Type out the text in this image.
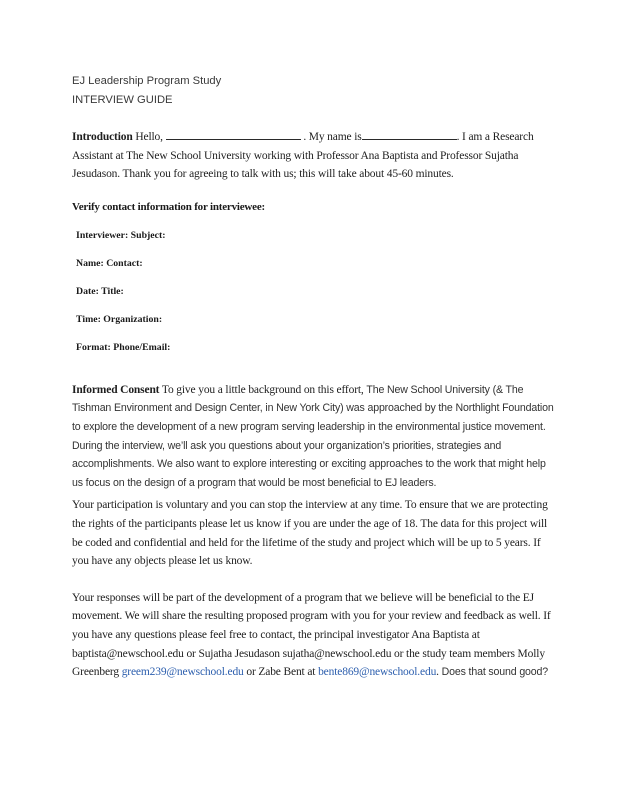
EJ Leadership Program Study
INTERVIEW GUIDE

Introduction Hello,	. My name is	. I am a Research Assistant at The New School University working with Professor Ana Baptista and Professor Sujatha Jesudason. Thank you for agreeing to talk with us; this will take about 45-60 minutes.

Verify contact information for interviewee:
Interviewer: Subject:
Name: Contact:
Date: Title:
Time: Organization:
Format: Phone/Email:

Informed Consent To give you a little background on this effort, The New School University (& The Tishman Environment and Design Center, in New York City) was approached by the Northlight Foundation to explore the development of a new program serving leadership in the environmental justice movement. During the interview, we’ll ask you questions about your organization’s priorities, strategies and accomplishments. We also want to explore interesting or exciting approaches to the work that might help us focus on the design of a program that would be most beneficial to EJ leaders.

Your participation is voluntary and you can stop the interview at any time. To ensure that we are protecting the rights of the participants please let us know if you are under the age of 18. The data for this project will be coded and confidential and held for the lifetime of the study and project which will be up to 5 years. If you have any objects please let us know.

Your responses will be part of the development of a program that we believe will be beneficial to the EJ movement. We will share the resulting proposed program with you for your review and feedback as well. If you have any questions please feel free to contact, the principal investigator Ana Baptista at baptista@newschool.edu or Sujatha Jesudason sujatha@newschool.edu or the study team members Molly Greenberg greem239@newschool.edu or Zabe Bent at bente869@newschool.edu. Does that sound good?
